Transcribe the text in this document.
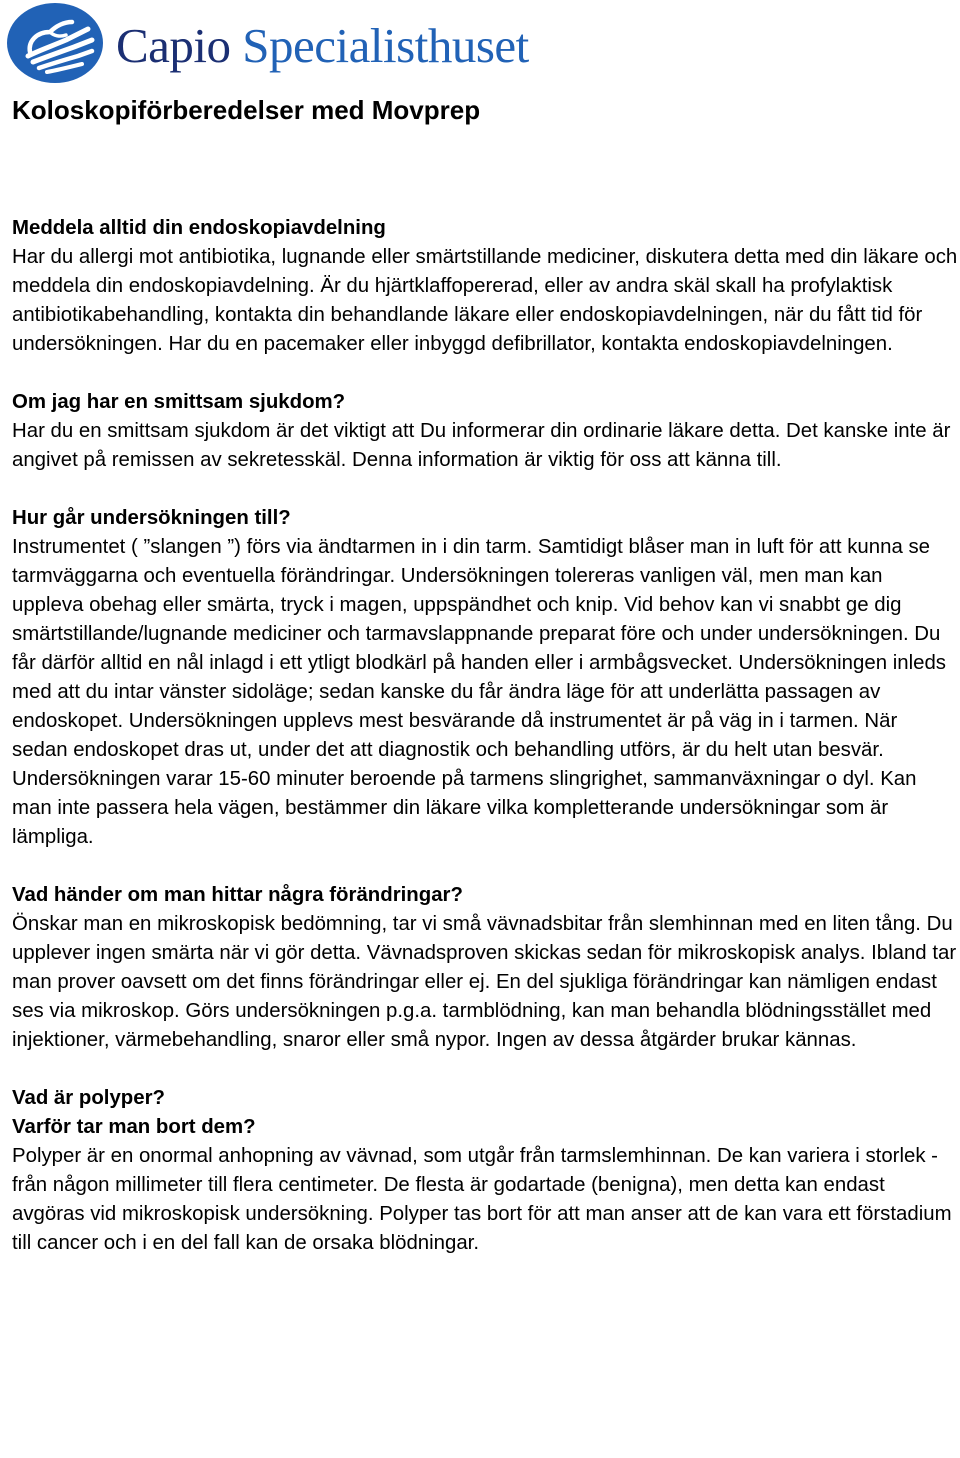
Capio Specialisthuset
Koloskopiförberedelser med Movprep
Meddela alltid din endoskopiavdelning

Har du allergi mot antibiotika, lugnande eller smärtstillande mediciner, diskutera detta med din läkare och meddela din endoskopiavdelning. Är du hjärtklaffopererad, eller av andra skäl skall ha profylaktisk antibiotikabehandling, kontakta din behandlande läkare eller endoskopiavdelningen, när du fått tid för undersökningen. Har du en pacemaker eller inbyggd defibrillator, kontakta endoskopiavdelningen.

Om jag har en smittsam sjukdom?

Har du en smittsam sjukdom är det viktigt att Du informerar din ordinarie läkare detta. Det kanske inte är angivet på remissen av sekretesskäl. Denna information är viktig för oss att känna till.

Hur går undersökningen till?

Instrumentet ( ”slangen ”) förs via ändtarmen in i din tarm. Samtidigt blåser man in luft för att kunna se tarmväggarna och eventuella förändringar. Undersökningen tolereras vanligen väl, men man kan uppleva obehag eller smärta, tryck i magen, uppspändhet och knip. Vid behov kan vi snabbt ge dig smärtstillande/lugnande mediciner och tarmavslappnande preparat före och under undersökningen. Du får därför alltid en nål inlagd i ett ytligt blodkärl på handen eller i armbågsvecket. Undersökningen inleds med att du intar vänster sidoläge; sedan kanske du får ändra läge för att underlätta passagen av endoskopet. Undersökningen upplevs mest besvärande då instrumentet är på väg in i tarmen. När sedan endoskopet dras ut, under det att diagnostik och behandling utförs, är du helt utan besvär. Undersökningen varar 15-60 minuter beroende på tarmens slingrighet, sammanväxningar o dyl. Kan man inte passera hela vägen, bestämmer din läkare vilka kompletterande undersökningar som är lämpliga.

Vad händer om man hittar några förändringar?

Önskar man en mikroskopisk bedömning, tar vi små vävnadsbitar från slemhinnan med en liten tång. Du upplever ingen smärta när vi gör detta. Vävnadsproven skickas sedan för mikroskopisk analys. Ibland tar man prover oavsett om det finns förändringar eller ej. En del sjukliga förändringar kan nämligen endast ses via mikroskop. Görs undersökningen p.g.a. tarmblödning, kan man behandla blödningsstället med injektioner, värmebehandling, snaror eller små nypor. Ingen av dessa åtgärder brukar kännas.

Vad är polyper?
Varför tar man bort dem?

Polyper är en onormal anhopning av vävnad, som utgår från tarmslemhinnan. De kan variera i storlek - från någon millimeter till flera centimeter. De flesta är godartade (benigna), men detta kan endast avgöras vid mikroskopisk undersökning. Polyper tas bort för att man anser att de kan vara ett förstadium till cancer och i en del fall kan de orsaka blödningar.
